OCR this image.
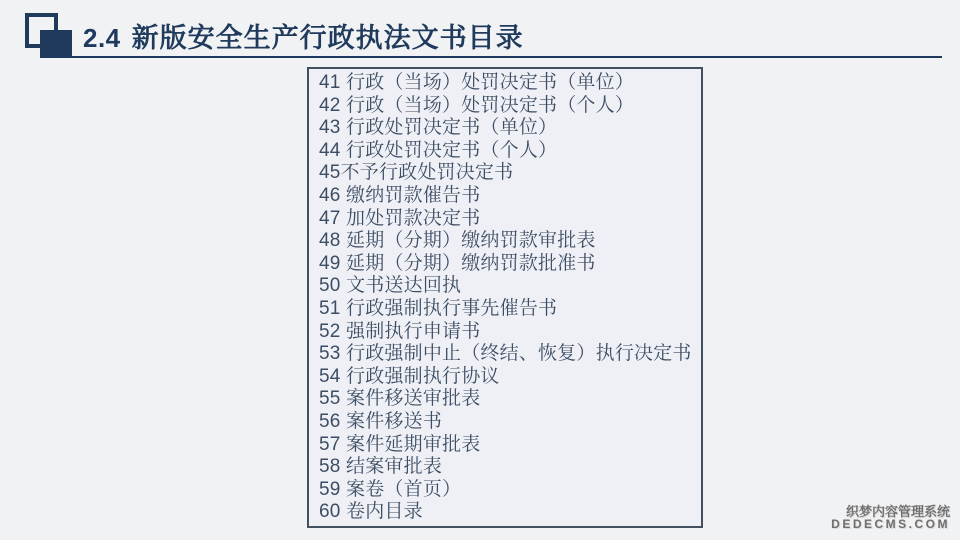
2.4 新版安全生产行政执法文书目录
41 行政（当场）处罚决定书（单位）
42 行政（当场）处罚决定书（个人）
43 行政处罚决定书（单位）
44 行政处罚决定书（个人）
45不予行政处罚决定书
46 缴纳罚款催告书
47 加处罚款决定书
48 延期（分期）缴纳罚款审批表
49 延期（分期）缴纳罚款批准书
50 文书送达回执
51 行政强制执行事先催告书
52 强制执行申请书
53 行政强制中止（终结、恢复）执行决定书
54 行政强制执行协议
55 案件移送审批表
56 案件移送书
57 案件延期审批表
58 结案审批表
59 案卷（首页）
60 卷内目录	织梦内容管理系统
DEDECMS.COM
